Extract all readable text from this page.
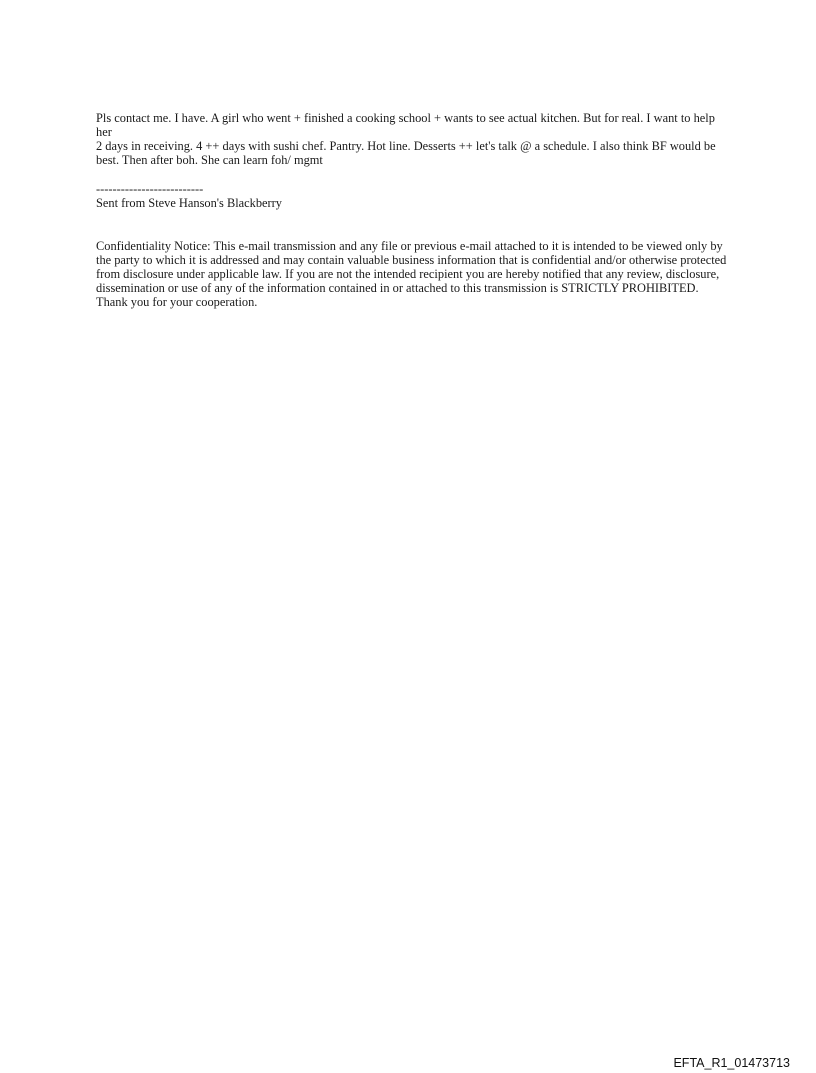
Pls contact me. I have. A girl who went + finished a cooking school + wants to see actual kitchen. But for real. I want to help her

2 days in receiving. 4 ++ days with sushi chef. Pantry. Hot line. Desserts ++ let's talk @ a schedule. I also think BF would be best. Then after boh. She can learn foh/ mgmt

--------------------------

Sent from Steve Hanson's Blackberry

Confidentiality Notice: This e-mail transmission and any file or previous e-mail attached to it is intended to be viewed only by the party to which it is addressed and may contain valuable business information that is confidential and/or otherwise protected from disclosure under applicable law. If you are not the intended recipient you are hereby notified that any review, disclosure, dissemination or use of any of the information contained in or attached to this transmission is STRICTLY PROHIBITED. Thank you for your cooperation.

EFTA_R1_01473713
